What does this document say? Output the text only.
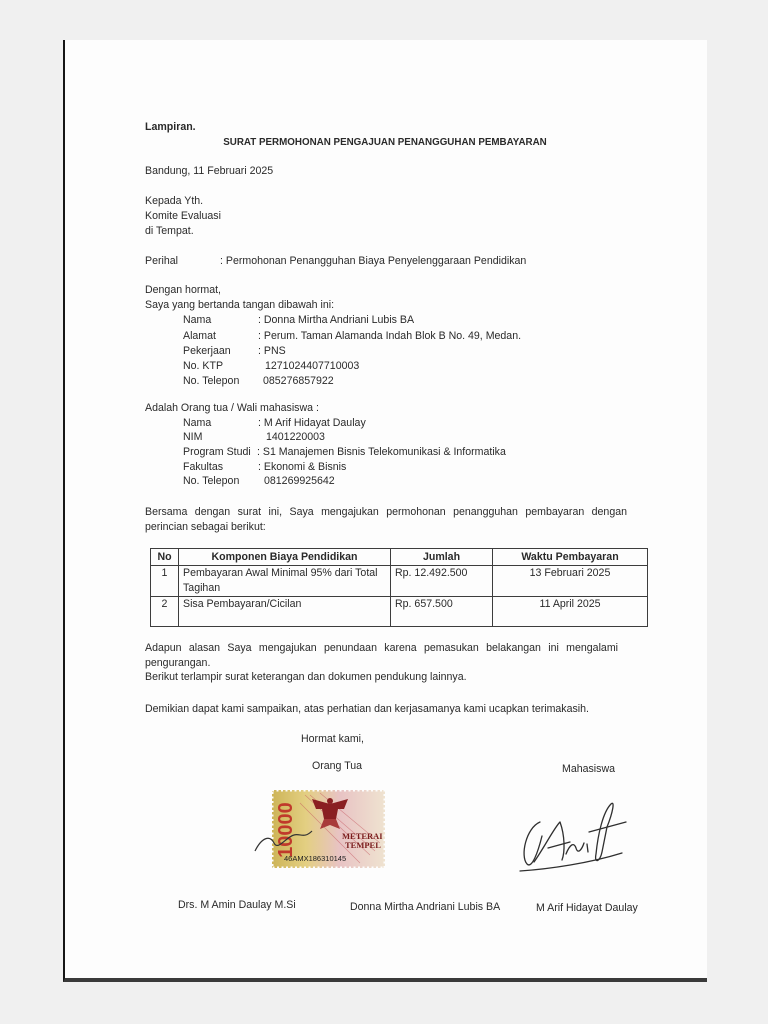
Lampiran.
SURAT PERMOHONAN PENGAJUAN PENANGGUHAN PEMBAYARAN
Bandung, 11 Februari 2025
Kepada Yth.
Komite Evaluasi
di Tempat.
Perihal	: Permohonan Penangguhan Biaya Penyelenggaraan Pendidikan
Dengan hormat,
Saya yang bertanda tangan dibawah ini:
Nama	: Donna Mirtha Andriani Lubis BA
Alamat	: Perum. Taman Alamanda Indah Blok B No. 49, Medan.
Pekerjaan	: PNS
No. KTP	1271024407710003
No. Telepon 085276857922
Adalah Orang tua / Wali mahasiswa :
Nama	: M Arif Hidayat Daulay
NIM	1401220003
Program Studi : S1 Manajemen Bisnis Telekomunikasi & Informatika
Fakultas	: Ekonomi & Bisnis
No. Telepon 081269925642
Bersama dengan surat ini, Saya mengajukan permohonan penangguhan pembayaran dengan perincian sebagai berikut:
No	Komponen Biaya Pendidikan	Jumlah	Waktu Pembayaran
1	Pembayaran Awal Minimal 95% dari Total Tagihan	Rp. 12.492.500	13 Februari 2025
2	Sisa Pembayaran/Cicilan	Rp. 657.500	11 April 2025
Adapun alasan Saya mengajukan penundaan karena pemasukan belakangan ini mengalami pengurangan.
Berikut terlampir surat keterangan dan dokumen pendukung lainnya.
Demikian dapat kami sampaikan, atas perhatian dan kerjasamanya kami ucapkan terimakasih.
Hormat kami,
Orang Tua	Mahasiswa
10000	METERAI
TEMPEL
46AMX186310145
Drs. M Amin Daulay M.Si	Donna Mirtha Andriani Lubis BA	M Arif Hidayat Daulay
